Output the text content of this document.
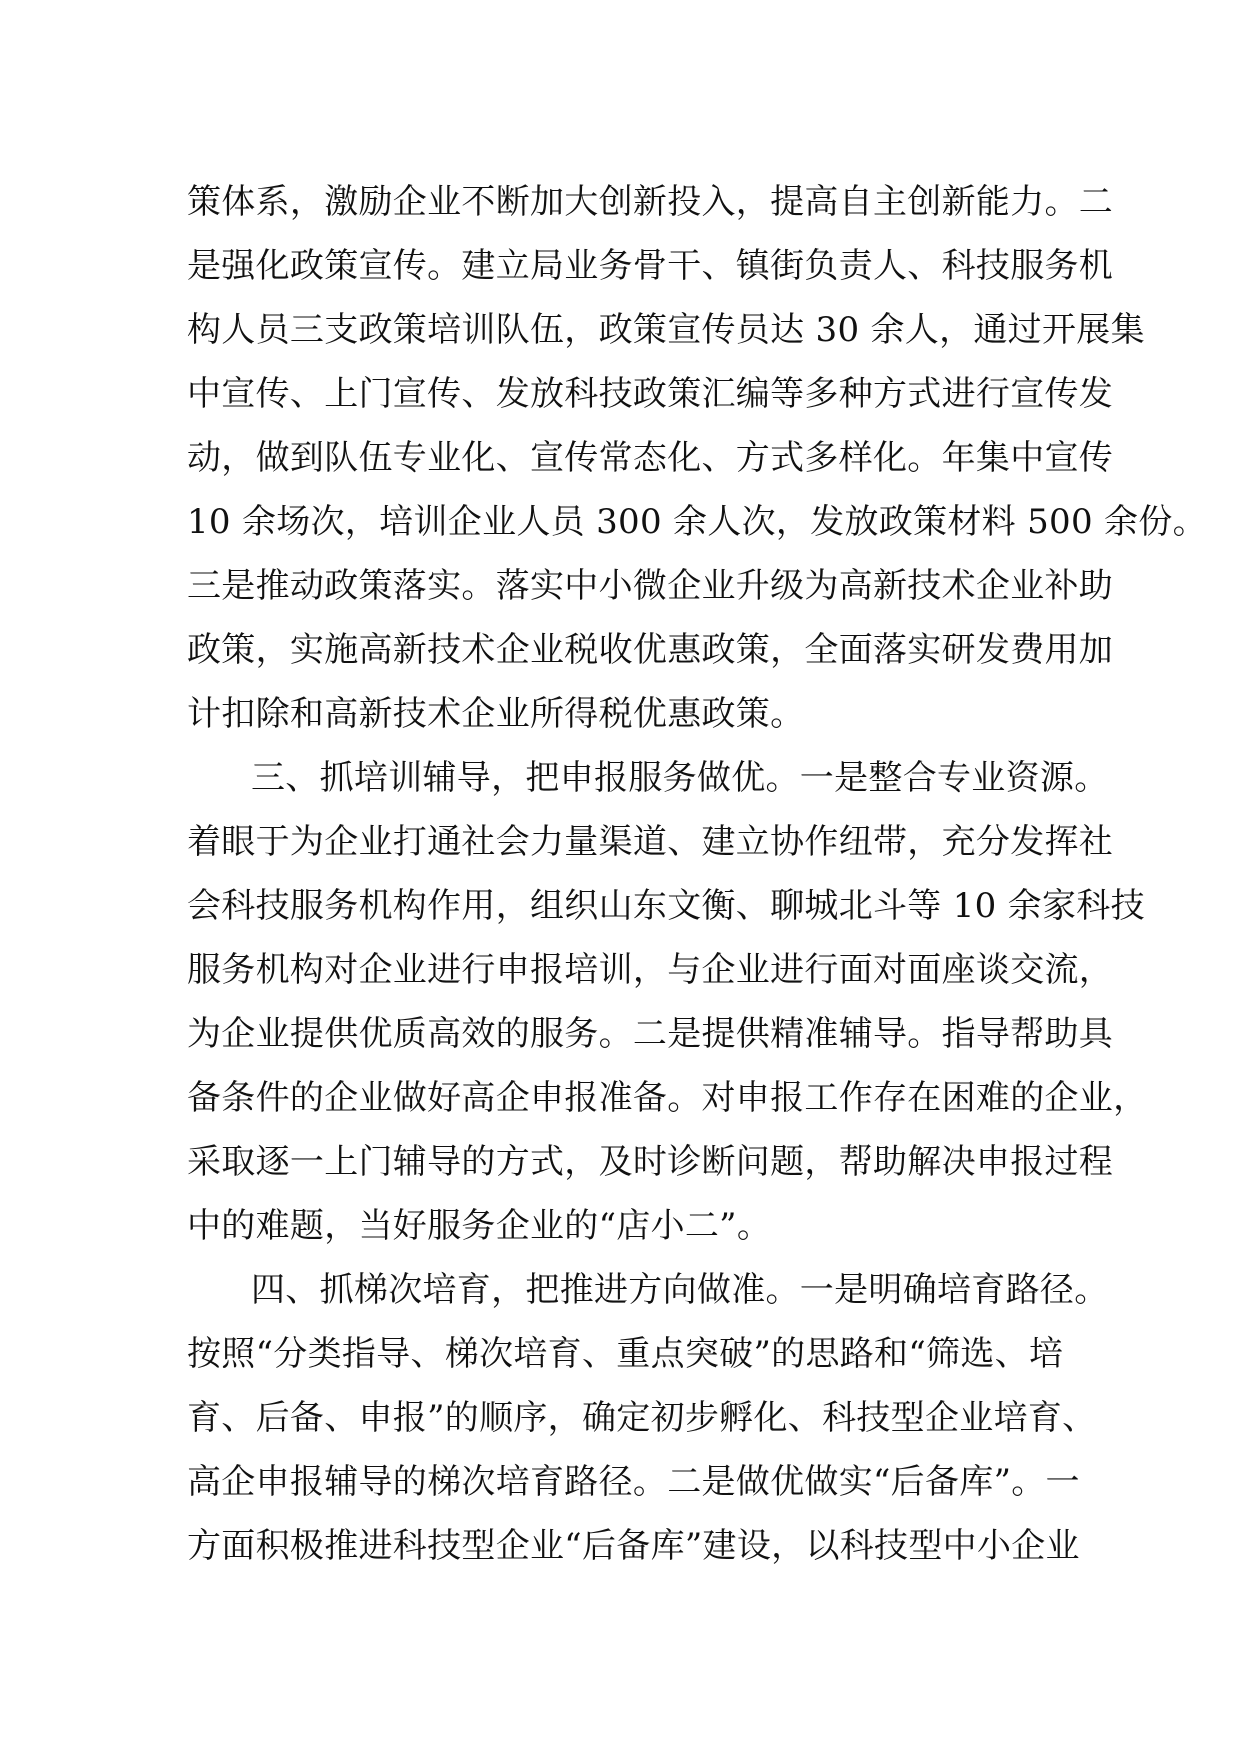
策体系，激励企业不断加大创新投入，提高自主创新能力。二
是强化政策宣传。建立局业务骨干、镇街负责人、科技服务机
构人员三支政策培训队伍，政策宣传员达 30 余人，通过开展集
中宣传、上门宣传、发放科技政策汇编等多种方式进行宣传发
动，做到队伍专业化、宣传常态化、方式多样化。年集中宣传
10 余场次，培训企业人员 300 余人次，发放政策材料 500 余份。
三是推动政策落实。落实中小微企业升级为高新技术企业补助
政策，实施高新技术企业税收优惠政策，全面落实研发费用加
计扣除和高新技术企业所得税优惠政策。
三、抓培训辅导，把申报服务做优。一是整合专业资源。
着眼于为企业打通社会力量渠道、建立协作纽带，充分发挥社
会科技服务机构作用，组织山东文衡、聊城北斗等 10 余家科技
服务机构对企业进行申报培训，与企业进行面对面座谈交流，
为企业提供优质高效的服务。二是提供精准辅导。指导帮助具
备条件的企业做好高企申报准备。对申报工作存在困难的企业，
采取逐一上门辅导的方式，及时诊断问题，帮助解决申报过程
中的难题，当好服务企业的“店小二”。
四、抓梯次培育，把推进方向做准。一是明确培育路径。
按照“分类指导、梯次培育、重点突破”的思路和“筛选、培
育、后备、申报”的顺序，确定初步孵化、科技型企业培育、
高企申报辅导的梯次培育路径。二是做优做实“后备库”。一
方面积极推进科技型企业“后备库”建设，以科技型中小企业
